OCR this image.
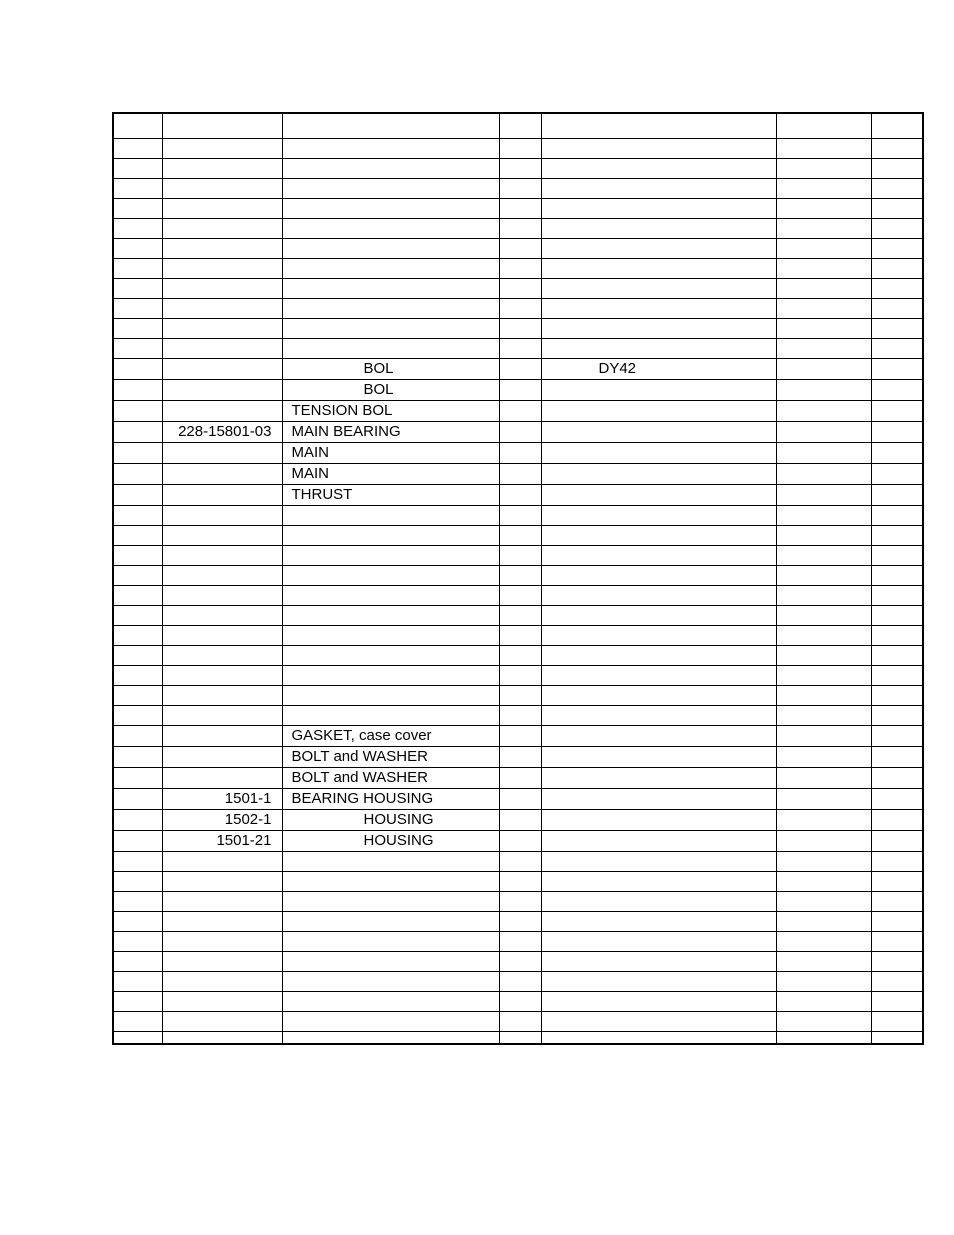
		BOL		DY42		
		BOL				
		TENSION BOL				
	228-15801-03	MAIN BEARING				
		MAIN				
		MAIN				
		THRUST				

		GASKET, case cover				
		BOLT and WASHER				
		BOLT and WASHER				
	1501-1	BEARING HOUSING				
	1502-1	HOUSING				
	1501-21	HOUSING				
